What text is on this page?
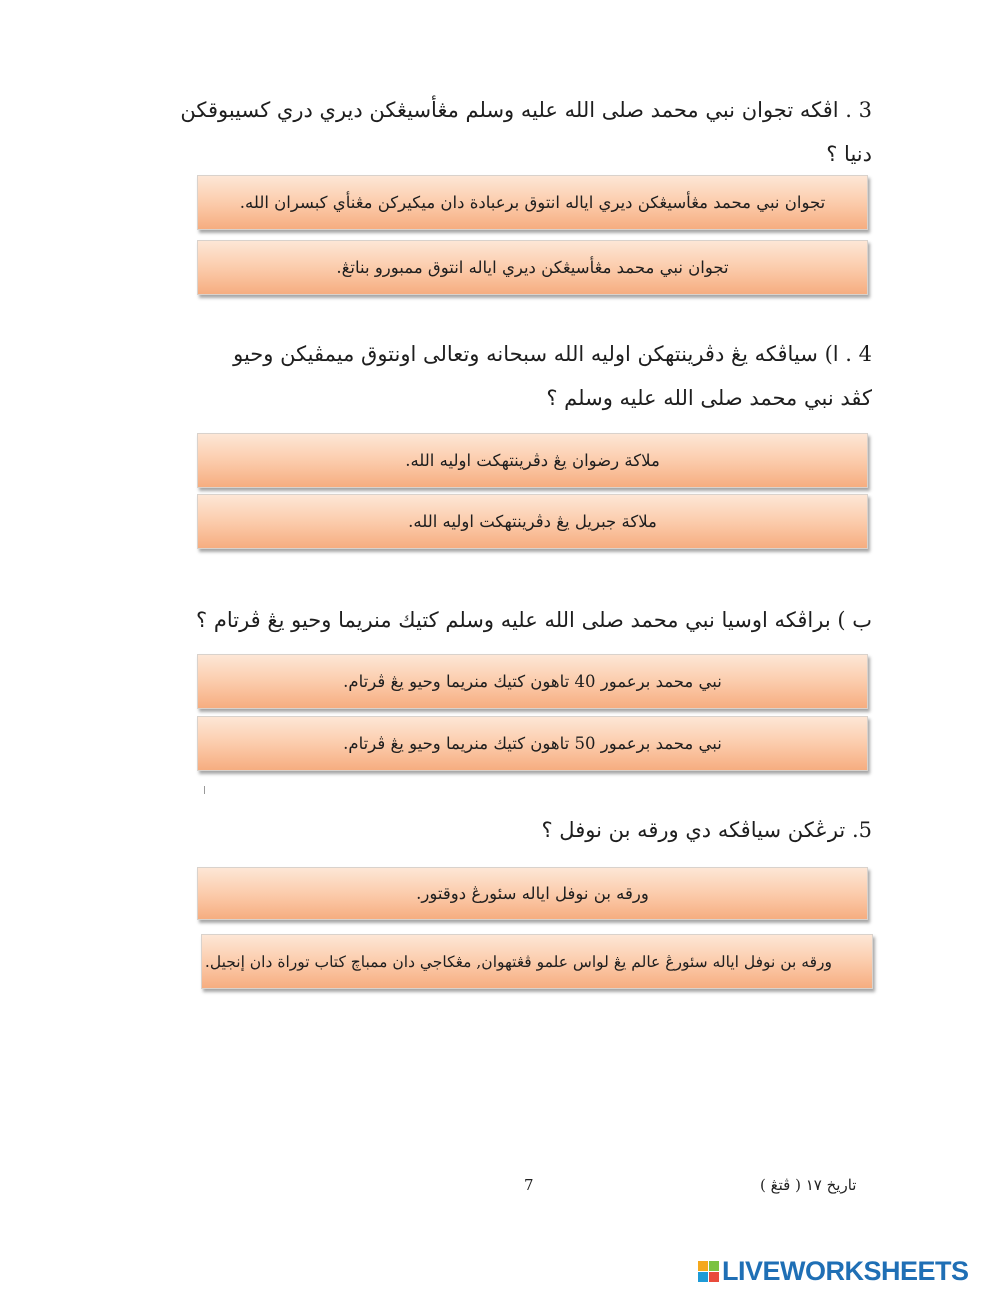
3 . اڤكه تجوان نبي محمد صلى الله عليه وسلم مڠأسيڠكن ديري دري كسيبوقكن
دنيا ؟
تجوان نبي محمد مڠأسيڠكن ديري اياله انتوق برعبادة دان ميكيركن مڠنأي كبسران الله.
تجوان نبي محمد مڠأسيڠكن ديري اياله انتوق ممبورو بناتڠ.
4 . ا) سياڤكه يڠ دڤرينتهكن اوليه الله سبحانه وتعالى اونتوق ميمڤيكن وحيو
كڤد نبي محمد صلى الله عليه وسلم ؟
ملاكة رضوان يڠ دڤرينتهكت اوليه الله.
ملاكة جبريل يڠ دڤرينتهكت اوليه الله.
ب ) براڤكه اوسيا نبي محمد صلى الله عليه وسلم كتيك منريما وحيو يڠ ڤرتام ؟
نبي محمد برعمور 40 تاهون كتيك منريما وحيو يڠ ڤرتام.
نبي محمد برعمور 50 تاهون كتيك منريما وحيو يڠ ڤرتام.
5. ترڠكن سياڤكه دي ورقه بن نوفل ؟
ورقه بن نوفل اياله سئورڠ دوقتور.
ورقه بن نوفل اياله سئورڠ عالم يڠ لواس علمو ڤڠتهوان, مڠكاجي دان ممباچ كتاب توراة دان إنجيل.
7	تاريخ ١٧ ( ڤتڠ )
LIVEWORKSHEETS
